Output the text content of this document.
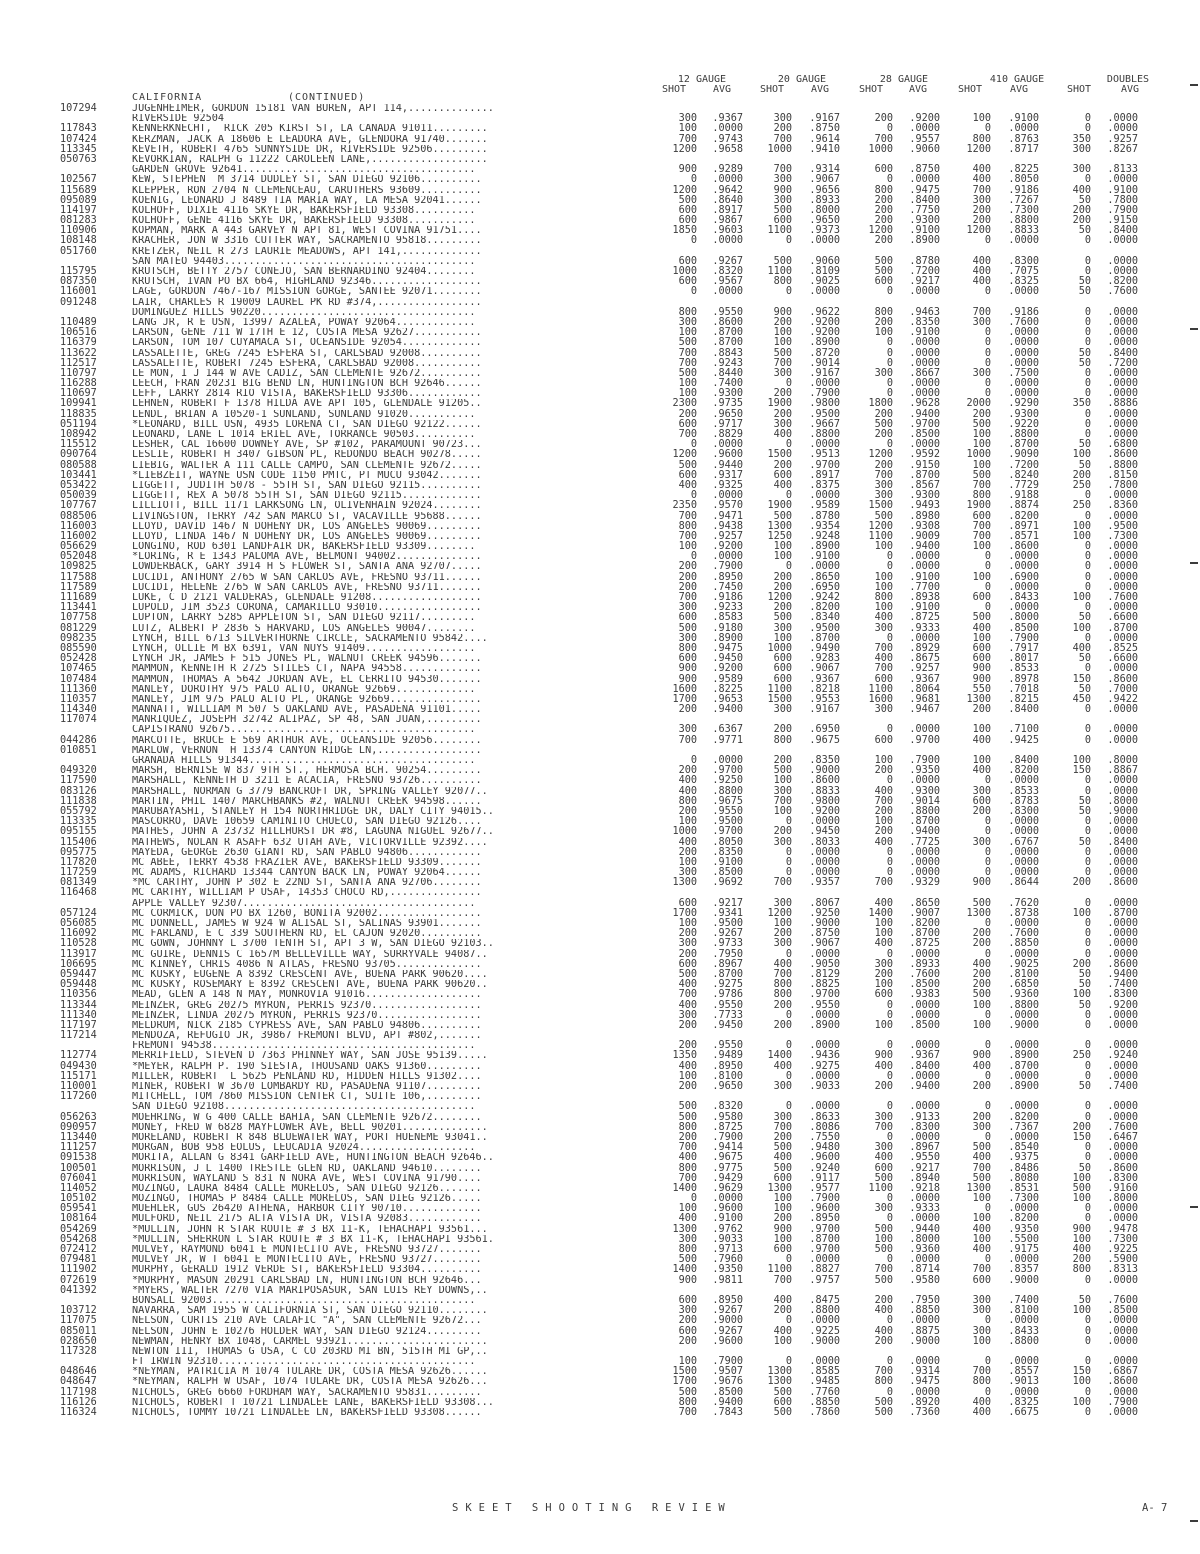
CALIFORNIA	(CONTINUED)
12 GAUGE
SHOT	AVG
20 GAUGE
SHOT	AVG
28 GAUGE
SHOT	AVG
410 GAUGE
SHOT	AVG
DOUBLES
SHOT	AVG
107294	JUGENHEIMER, GORDON 15181 VAN BUREN, APT 114,..............
RIVERSIDE 92504	300	.9367	300	.9167	200	.9200	100	.9100	0	.0000
117843	KENNERKNECHT,  RICK 205 KIRST ST, LA CANADA 91011.........	100	.0000	200	.8750	0	.0000	0	.0000	0	.0000
107424	KERZMAN, JACK A 18606 E LEADORA AVE, GLENDORA 91740.......	700	.9743	700	.9614	700	.9557	800	.8763	350	.9257
113345	KEVETH, ROBERT 4765 SUNNYSIDE DR, RIVERSIDE 92506.........	1200	.9658	1000	.9410	1000	.9060	1200	.8717	300	.8267
050763	KEVORKIAN, RALPH G 11222 CAROLEEN LANE,...................
GARDEN GROVE 92641......................................	900	.9289	700	.9314	600	.8750	400	.8225	300	.8133
102567	KEW, STEPHEN  M 3714 DUDLEY ST, SAN DIEGO 92106..........	0	.0000	300	.9067	0	.0000	400	.8050	0	.0000
115689	KLEPPER, RON 2704 N CLEMENCEAU, CARUTHERS 93609..........	1200	.9642	900	.9656	800	.9475	700	.9186	400	.9100
095089	KOENIG, LEONARD J 8489 TIA MARIA WAY, LA MESA 92041......	500	.8640	300	.8933	200	.8400	300	.7267	50	.7800
114197	KOLHOFF, DIXIE 4116 SKYE DR, BAKERSFIELD 93308..........	600	.8917	500	.8000	200	.7750	200	.7300	200	.7900
081283	KOLHOFF, GENE 4116 SKYE DR, BAKERSFIELD 93308...........	600	.9867	600	.9650	200	.9300	200	.8800	200	.9150
110906	KOPMAN, MARK A 443 GARVEY N APT 81, WEST COVINA 91751....	1850	.9603	1100	.9373	1200	.9100	1200	.8833	50	.8400
108148	KRACHER, JON W 3316 CUTTER WAY, SACRAMENTO 95818.........	0	.0000	0	.0000	200	.8900	0	.0000	0	.0000
051760	KRETZER, NEIL R 273 LAURIE MEADOWS, APT 141,.............
SAN MATEO 94403.........................................	600	.9267	500	.9060	500	.8780	400	.8300	0	.0000
115795	KRUTSCH, BETTY 2757 CONEJO, SAN BERNARDINO 92404........	1000	.8320	1100	.8109	500	.7200	400	.7075	0	.0000
087350	KRUTSCH, IVAN PO BX 664, HIGHLAND 92346..................	600	.9567	800	.9025	600	.9217	400	.8325	50	.8200
116001	LAGE, GORDON 7467-167 MISSION GORGE, SANTEE 92071........	0	.0000	0	.0000	0	.0000	0	.0000	50	.7600
091248	LAIR, CHARLES R 19009 LAUREL PK RD #374,.................
DOMINGUEZ HILLS 90220...................................	800	.9550	900	.9622	800	.9463	700	.9186	0	.0000
110489	LANG JR, R E USN, 13997 AZALEA, POWAY 92064.............	300	.8600	200	.9200	200	.8350	300	.7600	0	.0000
106516	LARSON, GENE 711 W 17TH E 12, COSTA MESA 92627...........	100	.8700	100	.9200	100	.9100	0	.0000	0	.0000
116379	LARSON, TOM 107 CUYAMACA ST, OCEANSIDE 92054.............	500	.8700	100	.8900	0	.0000	0	.0000	0	.0000
113622	LASSALETTE, GREG 7245 ESFERA ST, CARLSBAD 92008..........	700	.8843	500	.8720	0	.0000	0	.0000	50	.8400
112517	LASSALETTE, ROBERT 7245 ESFERA, CARLSBAD 92008...........	700	.9243	700	.9014	0	.0000	0	.0000	50	.7200
110797	LE MON, I J 144 W AVE CADIZ, SAN CLEMENTE 92672..........	500	.8440	300	.9167	300	.8667	300	.7500	0	.0000
116288	LEECH, FRAN 20231 BIG BEND LN, HUNTINGTON BCH 92646......	100	.7400	0	.0000	0	.0000	0	.0000	0	.0000
110697	LEFF, LARRY 2814 RIO VISTA, BAKERSFIELD 93306............	100	.9300	200	.7900	0	.0000	0	.0000	0	.0000
109941	LEHNEN, ROBERT F 1378 HILDA AVE APT 105, GLENDALE 91205..	2300	.9735	1900	.9800	1800	.9628	2000	.9290	350	.8886
118835	LENDL, BRIAN A 10520-1 SUNLAND, SUNLAND 91020...........	200	.9650	200	.9500	200	.9400	200	.9300	0	.0000
051194	*LEONARD, BILL USN, 4935 LORENA CT, SAN DIEGO 92122......	600	.9717	300	.9667	500	.9700	500	.9220	0	.0000
108942	LEONARD, LANE L 1014 ERIEL AVE, TORRANCE 90503..........	700	.8829	400	.8800	200	.8500	100	.8800	0	.0000
115512	LESHER, CAL 16600 DOWNEY AVE, SP #102, PARAMOUNT 90723...	0	.0000	0	.0000	0	.0000	100	.8700	50	.6800
090764	LESLIE, ROBERT H 3407 GIBSON PL, REDONDO BEACH 90278.....	1200	.9600	1500	.9513	1200	.9592	1000	.9090	100	.8600
080588	LIEBIG, WALTER A 111 CALLE CAMPO, SAN CLEMENTE 92672.....	500	.9440	200	.9700	200	.9150	100	.7200	50	.8800
103441	*LIEBZEIT, WAYNE USN CODE 1150 PMTC, PT MUCU 93042.......	600	.9317	600	.8917	700	.8700	500	.8240	200	.8150
053422	LIGGETT, JUDITH 5078 - 55TH ST, SAN DIEGO 92115..........	400	.9325	400	.8375	300	.8567	700	.7729	250	.7800
050039	LIGGETT, REX A 5078 55TH ST, SAN DIEGO 92115.............	0	.0000	0	.0000	300	.9300	800	.9188	0	.0000
107767	LILLIOTT, BILL 1171 LARKSONG LN, OLIVENHAIN 92024........	2350	.9570	1900	.9589	1500	.9493	1900	.8874	250	.8360
088506	LIVINGSTON, TERRY 742 SAN MARCO ST, VACAVILLE 95688......	700	.9471	500	.8780	500	.8980	600	.8200	0	.0000
116003	LLOYD, DAVID 1467 N DOHENY DR, LOS ANGELES 90069.........	800	.9438	1300	.9354	1200	.9308	700	.8971	100	.9500
116002	LLOYD, LINDA 1467 N DOHENY DR, LOS ANGELES 90069.........	700	.9257	1250	.9248	1100	.9009	700	.8571	100	.7300
056629	LONGINO, ROD 6301 LANDFAIR DR, BAKERSFIELD 93309........	100	.9200	100	.8900	100	.9400	100	.8600	0	.0000
052048	*LORING, R E 1343 PALOMA AVE, BELMONT 94002..............	0	.0000	100	.9100	0	.0000	0	.0000	0	.0000
109825	LOWDERBACK, GARY 3914 H S FLOWER ST, SANTA ANA 92707.....	200	.7900	0	.0000	0	.0000	0	.0000	0	.0000
117588	LUCIDI, ANTHONY 2765 W SAN CARLOS AVE, FRESNO 93711......	200	.8950	200	.8650	100	.9100	100	.6900	0	.0000
117589	LUCIDI, HELENE 2765 W SAN CARLOS AVE, FRESNO 93711.......	200	.7450	200	.6950	100	.7700	0	.0000	0	.0000
111689	LUKE, C D 2121 VALDERAS, GLENDALE 91208..................	700	.9186	1200	.9242	800	.8938	600	.8433	100	.7600
113441	LUPOLD, JIM 3523 CORONA, CAMARILLO 93010.................	300	.9233	200	.8200	100	.9100	0	.0000	0	.0000
107758	LUPTON, LARRY 5285 APPLETON ST, SAN DIEGO 92117.........	600	.8583	500	.8340	400	.8725	500	.8000	50	.6600
081229	LUTZ, ALBERT P 2836 S HARVARD, LOS ANGELES 90047........	500	.9180	300	.9500	300	.9333	400	.8500	100	.8700
098235	LYNCH, BILL 6713 SILVERTHORNE CIRCLE, SACRAMENTO 95842....	300	.8900	100	.8700	0	.0000	100	.7900	0	.0000
085590	LYNCH, OLLIE M BX 6391, VAN NUYS 91409..................	800	.9475	1000	.9490	700	.8929	600	.7917	400	.8525
052428	LYNCH JR, JAMES F 515 JONES PL, WALNUT CREEK 94596.......	600	.9450	600	.9283	400	.8675	600	.8017	50	.6600
107465	MAMMON, KENNETH R 2725 STILES CT, NAPA 94558.............	900	.9200	600	.9067	700	.9257	900	.8533	0	.0000
107484	MAMMON, THOMAS A 5642 JORDAN AVE, EL CERRITO 94530.......	900	.9589	600	.9367	600	.9367	900	.8978	150	.8600
111360	MANLEY, DOROTHY 975 PALO ALTO, ORANGE 92669.............	1600	.8225	1100	.8218	1100	.8064	550	.7018	50	.7000
110357	MANLEY, JIM 975 PALO ALTO PL, ORANGE 92669...............	1700	.9653	1500	.9553	1600	.9681	1300	.8215	450	.9422
114340	MANNATT, WILLIAM M 507 S OAKLAND AVE, PASADENA 91101.....	200	.9400	300	.9167	300	.9467	200	.8400	0	.0000
117074	MANRIQUEZ, JOSEPH 32742 ALIPAZ, SP 48, SAN JUAN,.........
CAPISTRANO 92675........................................	300	.6367	200	.6950	0	.0000	100	.7100	0	.0000
044286	MARCOTTE, BRUCE E 569 ARTHUR AVE, OCEANSIDE 92056........	700	.9771	800	.9675	600	.9700	400	.9425	0	.0000
010851	MARLOW, VERNON  H 13374 CANYON RIDGE LN,.................
GRANADA HILLS 91344.....................................	0	.0000	200	.8350	100	.7900	100	.8400	100	.8000
049320	MARSH, BERNISE W 837 9TH ST., HERMOSA BCH. 90254.........	200	.9700	500	.9000	200	.9350	400	.8200	150	.8867
117590	MARSHALL, KENNETH D 3211 E ACACIA, FRESNO 93726..........	400	.9250	100	.8600	0	.0000	0	.0000	0	.0000
083126	MARSHALL, NORMAN G 3779 BANCROFT DR, SPRING VALLEY 92077..	400	.8800	300	.8833	400	.9300	300	.8533	0	.0000
111838	MARTIN, PHIL 1407 MARCHBANKS #2, WALNUT CREEK 94598......	800	.9675	700	.9800	700	.9014	600	.8783	50	.8000
055792	MARUBAYASHI, STANLEY H 154 NORTHRIDGE DR, DALY CITY 94015..	200	.9550	100	.9200	200	.8800	200	.8300	50	.9000
113335	MASCORRO, DAVE 10659 CAMINITO CHUECO, SAN DIEGO 92126....	100	.9500	0	.0000	100	.8700	0	.0000	0	.0000
095155	MATHES, JOHN A 23732 HILLHURST DR #8, LAGUNA NIGUEL 92677..	1000	.9700	200	.9450	200	.9400	0	.0000	0	.0000
115406	MATHEWS, NOLAN R ASAFF 632 UTAH AVE, VICTORVILLE 92392....	400	.8050	300	.8033	400	.7725	300	.6767	50	.8400
095775	MAYEDA, GEORGE 2630 GIANT RD, SAN PABLO 94806............	200	.8350	0	.0000	0	.0000	0	.0000	0	.0000
117820	MC ABEE, TERRY 4538 FRAZIER AVE, BAKERSFIELD 93309.......	100	.9100	0	.0000	0	.0000	0	.0000	0	.0000
117259	MC ADAMS, RICHARD 13344 CANYON BACK LN, POWAY 92064......	300	.8500	0	.0000	0	.0000	0	.0000	0	.0000
081349	*MC CARTHY, JOHN P 302 E 22ND ST, SANTA ANA 92706........	1300	.9692	700	.9357	700	.9329	900	.8644	200	.8600
116468	MC CARTHY, WILLIAM P USAF, 14353 CHOCO RD,...............
APPLE VALLEY 92307......................................	600	.9217	300	.8067	400	.8650	500	.7620	0	.0000
057124	MC CORMICK, DON PO BX 1260, BONITA 92002.................	1700	.9341	1200	.9250	1400	.9007	1300	.8738	100	.8700
056085	MC DONNELL, JAMES W 924 W ALISAL ST, SALINAS 93901.......	100	.9500	100	.9000	100	.8200	0	.0000	0	.0000
116092	MC FARLAND, E C 339 SOUTHERN RD, EL CAJON 92020..........	200	.9267	200	.8750	100	.8700	200	.7600	0	.0000
110528	MC GOWN, JOHNNY L 3700 TENTH ST, APT 3 W, SAN DIEGO 92103..	300	.9733	300	.9067	400	.8725	200	.8850	0	.0000
113917	MC GUIRE, DENNIS C 1657M BELLEVILLE WAY, SURRYVALE 94087..	200	.7950	0	.0000	0	.0000	0	.0000	0	.0000
106695	MC KINNEY, CHRIS 4086 N ATLAS, FRESNO 93705..............	600	.8967	400	.9050	300	.8933	400	.9025	200	.8600
059447	MC KUSKY, EUGENE A 8392 CRESCENT AVE, BUENA PARK 90620....	500	.8700	700	.8129	200	.7600	200	.8100	50	.9400
059448	MC KUSKY, ROSEMARY E 8392 CRESCENT AVE, BUENA PARK 90620..	400	.9275	800	.8825	100	.8500	200	.6850	50	.7400
110356	MEAD, GLEN A 148 N MAY, MONROVIA 91016...................	700	.9786	800	.9700	600	.9383	500	.9360	100	.8300
113344	MEINZER, GREG 20275 MYRON, PERRIS 92370..................	400	.9550	200	.9550	0	.0000	100	.8800	50	.9200
111340	MEINZER, LINDA 20275 MYRON, PERRIS 92370.................	300	.7733	0	.0000	0	.0000	0	.0000	0	.0000
117197	MELDRUM, NICK 2185 CYPRESS AVE, SAN PABLO 94806..........	200	.9450	200	.8900	100	.8500	100	.9000	0	.0000
117214	MENDOZA, REFUGIO JR, 39867 FREMONT BLVD, APT #802,.......
FREMONT 94538...........................................	200	.9550	0	.0000	0	.0000	0	.0000	0	.0000
112774	MERRIFIELD, STEVEN D 7363 PHINNEY WAY, SAN JOSE 95139.....	1350	.9489	1400	.9436	900	.9367	900	.8900	250	.9240
049430	*MEYER, RALPH P. 190 SIESTA, THOUSAND OAKS 91360.........	400	.8950	400	.9275	400	.8400	400	.8700	0	.0000
115171	MILLER, ROBERT  L 5625 PENLAND RD, HIDDEN HILLS 91302....	100	.8100	0	.0000	0	.0000	0	.0000	0	.0000
110001	MINER, ROBERT W 3670 LOMBARDY RD, PASADENA 91107.........	200	.9650	300	.9033	200	.9400	200	.8900	50	.7400
117260	MITCHELL, TOM 7860 MISSION CENTER CT, SUITE 106,.........
SAN DIEGO 92108.........................................	500	.8320	0	.0000	0	.0000	0	.0000	0	.0000
056263	MOEHRING, W G 400 CALLE BAHIA, SAN CLEMENTE 92672........	500	.9580	300	.8633	300	.9133	200	.8200	0	.0000
090957	MONEY, FRED W 6828 MAYFLOWER AVE, BELL 90201..............	800	.8725	700	.8086	700	.8300	300	.7367	200	.7600
113440	MORELAND, ROBERT R 848 BLUEWATER WAY, PORT HUENEME 93041..	200	.7900	200	.7550	0	.0000	0	.0000	150	.6467
111257	MORGAN, BOB 958 EOLUS, LEUCADIA 92024...................	700	.9414	500	.9480	300	.8967	500	.8540	0	.0000
091538	MORITA, ALLAN G 8341 GARFIELD AVE, HUNTINGTON BEACH 92646..	400	.9675	400	.9600	400	.9550	400	.9375	0	.0000
100501	MORRISON, J L 1400 TRESTLE GLEN RD, OAKLAND 94610........	800	.9775	500	.9240	600	.9217	700	.8486	50	.8600
076041	MORRISON, WAYLAND S 831 N NORA AVE, WEST COVINA 91790....	700	.9429	600	.9117	500	.8940	500	.8080	100	.8300
114052	MOZINGO, LAURA 8484 CALLE MORELOS, SAN DIEGO 92126.......	1400	.9629	1300	.9577	1100	.9218	1300	.8531	500	.9160
105102	MOZINGO, THOMAS P 8484 CALLE MORELOS, SAN DIEG 92126.....	0	.0000	100	.7900	0	.0000	100	.7300	100	.8000
059541	MUEHLER, GUS 26420 ATHENA, HARBOR CITY 90710.............	100	.9600	100	.9600	300	.9333	0	.0000	0	.0000
108164	MULFORD, NEIL 2175 ALTA VISTA DR, VISTA 92083............	400	.9100	200	.8950	0	.0000	100	.8200	0	.0000
054269	*MULLIN, JOHN R STAR ROUTE # 3 BX 11-K, TEHACHAPI 93561...	1300	.9762	900	.9700	500	.9440	400	.9350	900	.9478
054268	*MULLIN, SHERRON L STAR ROUTE # 3 BX 11-K, TEHACHAPI 93561.	300	.9033	100	.8700	100	.8000	100	.5500	100	.7300
072412	MULVEY, RAYMOND 6041 E MONTECITO AVE, FRESNO 93727.......	800	.9713	600	.9700	500	.9360	400	.9175	400	.9225
079481	MULVEY JR, W T 6041 E MONTECITO AVE, FRESNO 93727........	500	.7960	0	.0000	0	.0000	0	.0000	200	.5900
111902	MURPHY, GERALD 1912 VERDE ST, BAKERSFIELD 93304..........	1400	.9350	1100	.8827	700	.8714	700	.8357	800	.8313
072619	*MURPHY, MASON 20291 CARLSBAD LN, HUNTINGTON BCH 92646...	900	.9811	700	.9757	500	.9580	600	.9000	0	.0000
041392	*MYERS, WALTER 7270 VIA MARIPOSASUR, SAN LUIS REY DOWNS,..
BONSALL 92003...........................................	600	.8950	400	.8475	200	.7950	300	.7400	50	.7600
103712	NAVARRA, SAM 1955 W CALIFORNIA ST, SAN DIEGO 92110........	300	.9267	200	.8800	400	.8850	300	.8100	100	.8500
117075	NELSON, CURTIS 210 AVE CALAFIC "A", SAN CLEMENTE 92672...	200	.9000	0	.0000	0	.0000	0	.0000	0	.0000
085011	NELSON, JOHN E 10276 HOLDER WAY, SAN DIEGO 92124.........	600	.9267	400	.9225	400	.8875	300	.8433	0	.0000
028650	NEWMAN, HENRY BX 1048, CARMEL 93921.......................	200	.9600	100	.9000	200	.9000	100	.8800	0	.0000
117328	NEWTON III, THOMAS G USA, C CO 203RD MI BN, 515TH MI GP,..
FT IRWIN 92310..........................................	100	.7900	0	.0000	0	.0000	0	.0000	0	.0000
048646	*NEYMAN, PATRICIA M 1074 TULARE DR, COSTA MESA 92626......	1500	.9507	1300	.8585	700	.9314	700	.8557	150	.6867
048647	*NEYMAN, RALPH W USAF, 1074 TULARE DR, COSTA MESA 92626...	1700	.9676	1300	.9485	800	.9475	800	.9013	100	.8600
117198	NICHOLS, GREG 6660 FORDHAM WAY, SACRAMENTO 95831.........	500	.8500	500	.7760	0	.0000	0	.0000	0	.0000
116126	NICHOLS, ROBERT T 10721 LINDALEE LANE, BAKERSFIELD 93308...	800	.9400	600	.8850	500	.8920	400	.8325	100	.7900
116324	NICHOLS, TOMMY 10721 LINDALEE LN, BAKERSFIELD 93308......	700	.7843	500	.7860	500	.7360	400	.6675	0	.0000
SKEET SHOOTING REVIEW	A- 7
